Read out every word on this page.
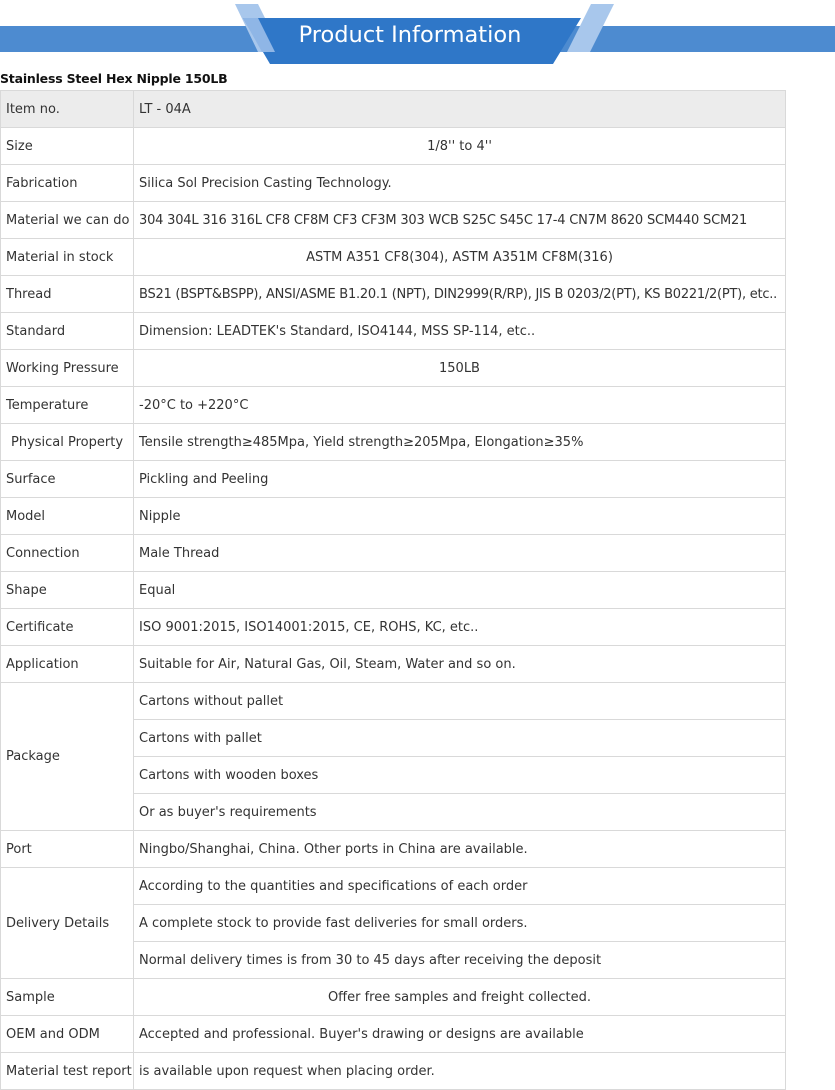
Product Information
Stainless Steel Hex Nipple 150LB
Item no.	LT - 04A
Size	1/8'' to 4''
Fabrication	Silica Sol Precision Casting Technology.
Material we can do	304 304L 316 316L CF8 CF8M CF3 CF3M 303 WCB S25C S45C 17-4 CN7M 8620 SCM440 SCM21
Material in stock	ASTM A351 CF8(304), ASTM A351M CF8M(316)
Thread	BS21 (BSPT&BSPP), ANSI/ASME B1.20.1 (NPT), DIN2999(R/RP), JIS B 0203/2(PT), KS B0221/2(PT), etc..
Standard	Dimension: LEADTEK's Standard, ISO4144, MSS SP-114, etc..
Working Pressure	150LB
Temperature	-20°C to +220°C
Physical Property	Tensile strength≥485Mpa, Yield strength≥205Mpa, Elongation≥35%
Surface	Pickling and Peeling
Model	Nipple
Connection	Male Thread
Shape	Equal
Certificate	ISO 9001:2015, ISO14001:2015, CE, ROHS, KC, etc..
Application	Suitable for Air, Natural Gas, Oil, Steam, Water and so on.
Package	Cartons without pallet
	Cartons with pallet
	Cartons with wooden boxes
	Or as buyer's requirements
Port	Ningbo/Shanghai, China. Other ports in China are available.
Delivery Details	According to the quantities and specifications of each order
	A complete stock to provide fast deliveries for small orders.
	Normal delivery times is from 30 to 45 days after receiving the deposit
Sample	Offer free samples and freight collected.
OEM and ODM	Accepted and professional. Buyer's drawing or designs are available
Material test report	is available upon request when placing order.
